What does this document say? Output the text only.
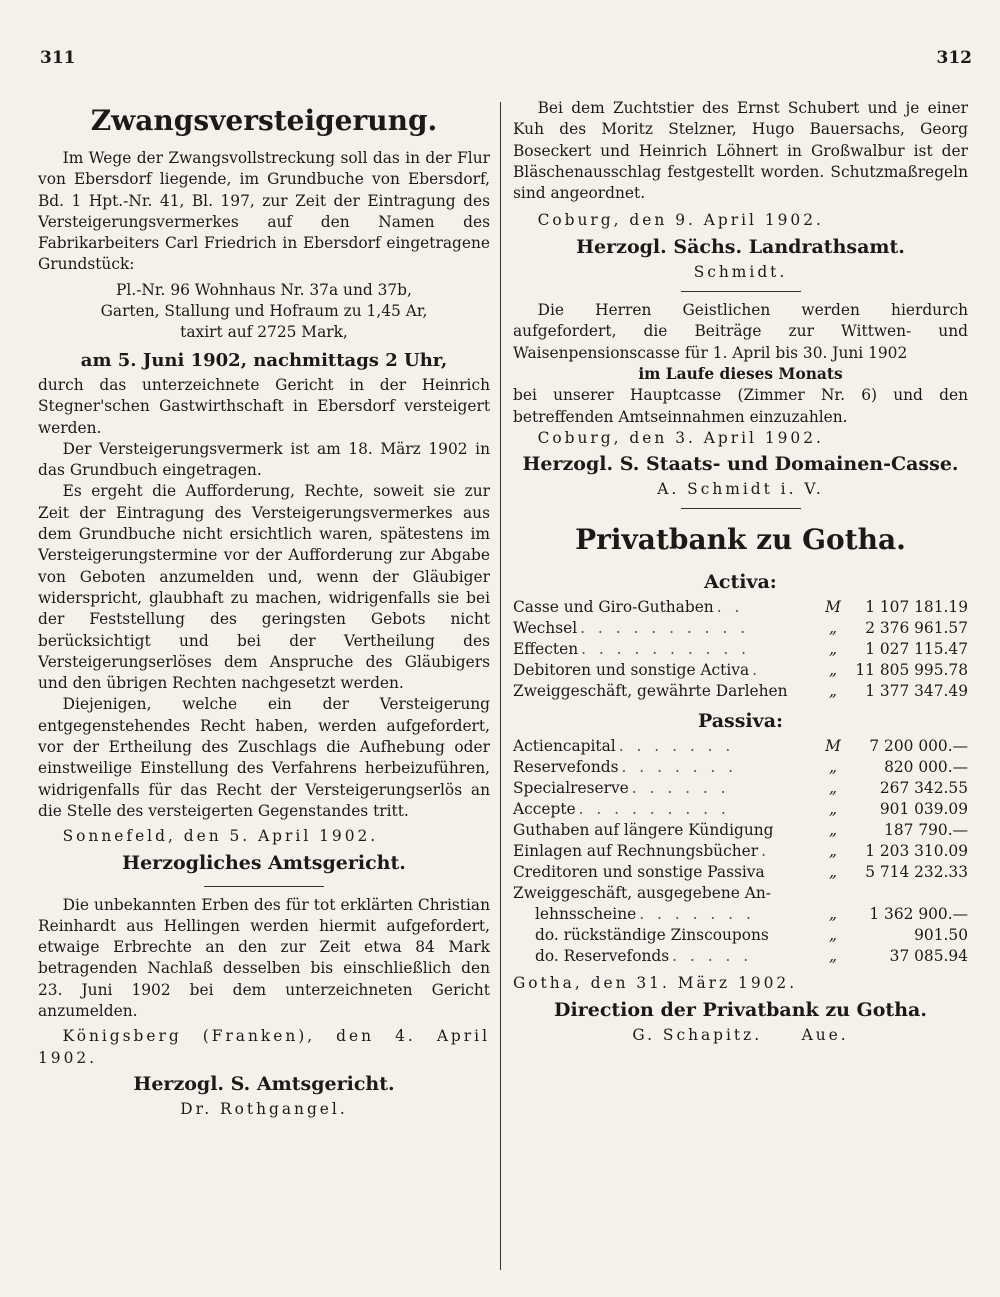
311	312
Zwangsversteigerung.

Im Wege der Zwangsvollstreckung soll das in der Flur von Ebersdorf liegende, im Grundbuche von Ebersdorf, Bd. 1 Hpt.-Nr. 41, Bl. 197, zur Zeit der Eintragung des Versteigerungsvermerkes auf den Namen des Fabrikarbeiters Carl Friedrich in Ebersdorf eingetragene Grundstück:

Pl.-Nr. 96 Wohnhaus Nr. 37a und 37b,

Garten, Stallung und Hofraum zu 1,45 Ar,

taxirt auf 2725 Mark,

am 5. Juni 1902, nachmittags 2 Uhr,

durch das unterzeichnete Gericht in der Heinrich Stegner'schen Gastwirthschaft in Ebersdorf versteigert werden.

Der Versteigerungsvermerk ist am 18. März 1902 in das Grundbuch eingetragen.

Es ergeht die Aufforderung, Rechte, soweit sie zur Zeit der Eintragung des Versteigerungsvermerkes aus dem Grundbuche nicht ersichtlich waren, spätestens im Versteigerungstermine vor der Aufforderung zur Abgabe von Geboten anzumelden und, wenn der Gläubiger widerspricht, glaubhaft zu machen, widrigenfalls sie bei der Feststellung des geringsten Gebots nicht berücksichtigt und bei der Vertheilung des Versteigerungserlöses dem Anspruche des Gläubigers und den übrigen Rechten nachgesetzt werden.

Diejenigen, welche ein der Versteigerung entgegenstehendes Recht haben, werden aufgefordert, vor der Ertheilung des Zuschlags die Aufhebung oder einstweilige Einstellung des Verfahrens herbeizuführen, widrigenfalls für das Recht der Versteigerungserlös an die Stelle des versteigerten Gegenstandes tritt.

Sonnefeld, den 5. April 1902.

Herzogliches Amtsgericht.

Die unbekannten Erben des für tot erklärten Christian Reinhardt aus Hellingen werden hiermit aufgefordert, etwaige Erbrechte an den zur Zeit etwa 84 Mark betragenden Nachlaß desselben bis einschließlich den 23. Juni 1902 bei dem unterzeichneten Gericht anzumelden.

Königsberg (Franken), den 4. April 1902.

Herzogl. S. Amtsgericht.

Dr. Rothgangel.

Bei dem Zuchtstier des Ernst Schubert und je einer Kuh des Moritz Stelzner, Hugo Bauersachs, Georg Boseckert und Heinrich Löhnert in Großwalbur ist der Bläschenausschlag festgestellt worden. Schutzmaßregeln sind angeordnet.

Coburg, den 9. April 1902.

Herzogl. Sächs. Landrathsamt.

Schmidt.

Die Herren Geistlichen werden hierdurch aufgefordert, die Beiträge zur Wittwen- und Waisenpensionscasse für 1. April bis 30. Juni 1902

im Laufe dieses Monats

bei unserer Hauptcasse (Zimmer Nr. 6) und den betreffenden Amtseinnahmen einzuzahlen.

Coburg, den 3. April 1902.

Herzogl. S. Staats- und Domainen-Casse.

A. Schmidt i. V.

Privatbank zu Gotha.
Activa:
Casse und Giro-Guthaben . .	M	1 107 181.19
Wechsel . . . . . . . . . .	„	2 376 961.57
Effecten . . . . . . . . . .	„	1 027 115.47
Debitoren und sonstige Activa .	„	11 805 995.78
Zweiggeschäft, gewährte Darlehen	„	1 377 347.49
Passiva:
Actiencapital . . . . . . .	M	7 200 000.—
Reservefonds . . . . . . .	„	820 000.—
Specialreserve . . . . . .	„	267 342.55
Accepte . . . . . . . . .	„	901 039.09
Guthaben auf längere Kündigung	„	187 790.—
Einlagen auf Rechnungsbücher .	„	1 203 310.09
Creditoren und sonstige Passiva	„	5 714 232.33
Zweiggeschäft, ausgegebene An-		
lehnsscheine . . . . . . .	„	1 362 900.—
do. rückständige Zinscoupons	„	901.50
do. Reservefonds . . . . .	„	37 085.94

Gotha, den 31. März 1902.

Direction der Privatbank zu Gotha.

G. Schapitz.	Aue.
